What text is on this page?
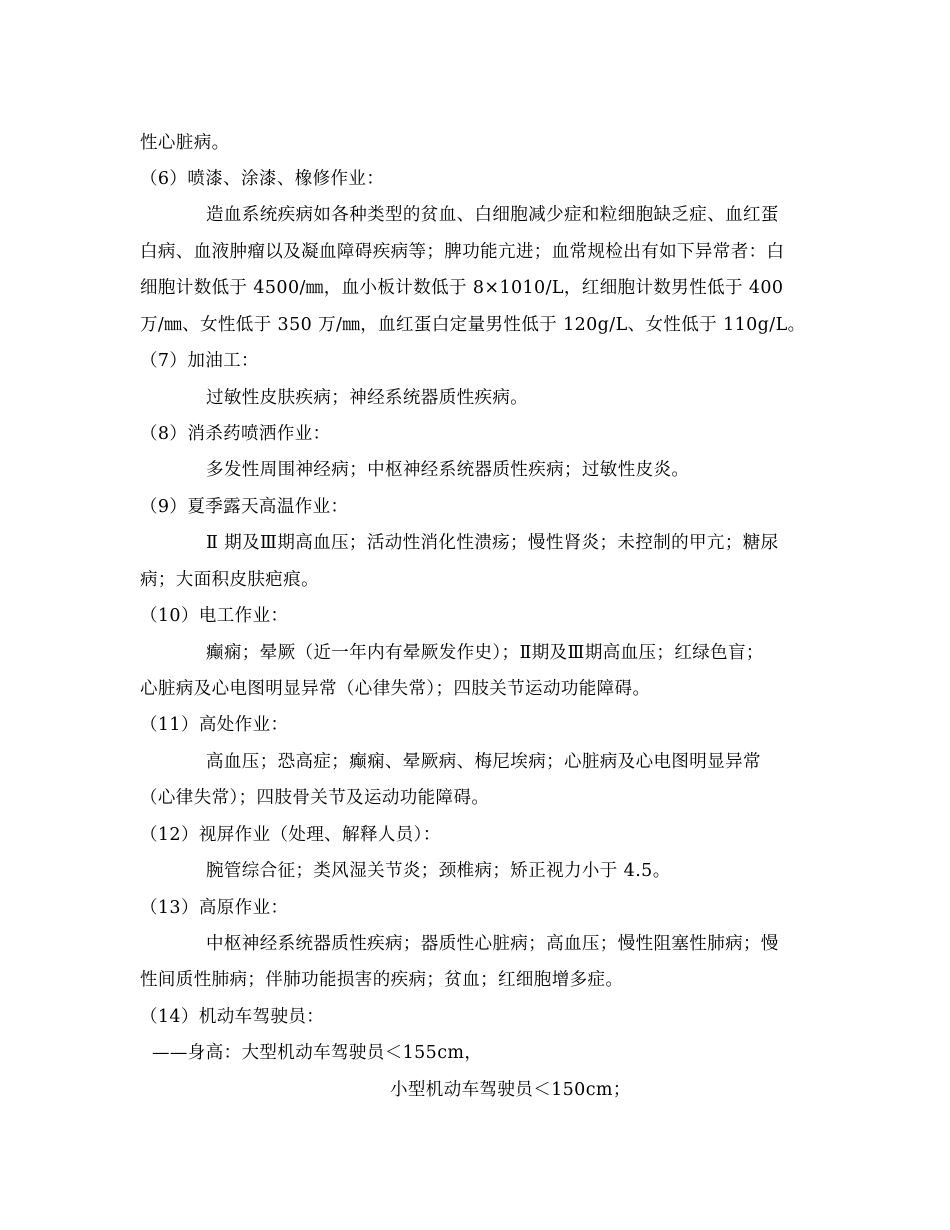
性心脏病。
（6）喷漆、涂漆、橡修作业：
造血系统疾病如各种类型的贫血、白细胞减少症和粒细胞缺乏症、血红蛋
白病、血液肿瘤以及凝血障碍疾病等；脾功能亢进；血常规检出有如下异常者：白
细胞计数低于 4500/㎜，血小板计数低于 8×1010/L，红细胞计数男性低于 400
万/㎜、女性低于 350 万/㎜，血红蛋白定量男性低于 120g/L、女性低于 110g/L。
（7）加油工：
过敏性皮肤疾病；神经系统器质性疾病。
（8）消杀药喷洒作业：
多发性周围神经病；中枢神经系统器质性疾病；过敏性皮炎。
（9）夏季露天高温作业：
Ⅱ 期及Ⅲ期高血压；活动性消化性溃疡；慢性肾炎；未控制的甲亢；糖尿
病；大面积皮肤疤痕。
（10）电工作业：
癫痫；晕厥（近一年内有晕厥发作史）；Ⅱ期及Ⅲ期高血压；红绿色盲；
心脏病及心电图明显异常（心律失常）；四肢关节运动功能障碍。
（11）高处作业：
高血压；恐高症；癫痫、晕厥病、梅尼埃病；心脏病及心电图明显异常
（心律失常）；四肢骨关节及运动功能障碍。
（12）视屏作业（处理、解释人员）：
腕管综合征；类风湿关节炎；颈椎病；矫正视力小于 4.5。
（13）高原作业：
中枢神经系统器质性疾病；器质性心脏病；高血压；慢性阻塞性肺病；慢
性间质性肺病；伴肺功能损害的疾病；贫血；红细胞增多症。
（14）机动车驾驶员：
——身高：大型机动车驾驶员＜155cm，
小型机动车驾驶员＜150cm；
